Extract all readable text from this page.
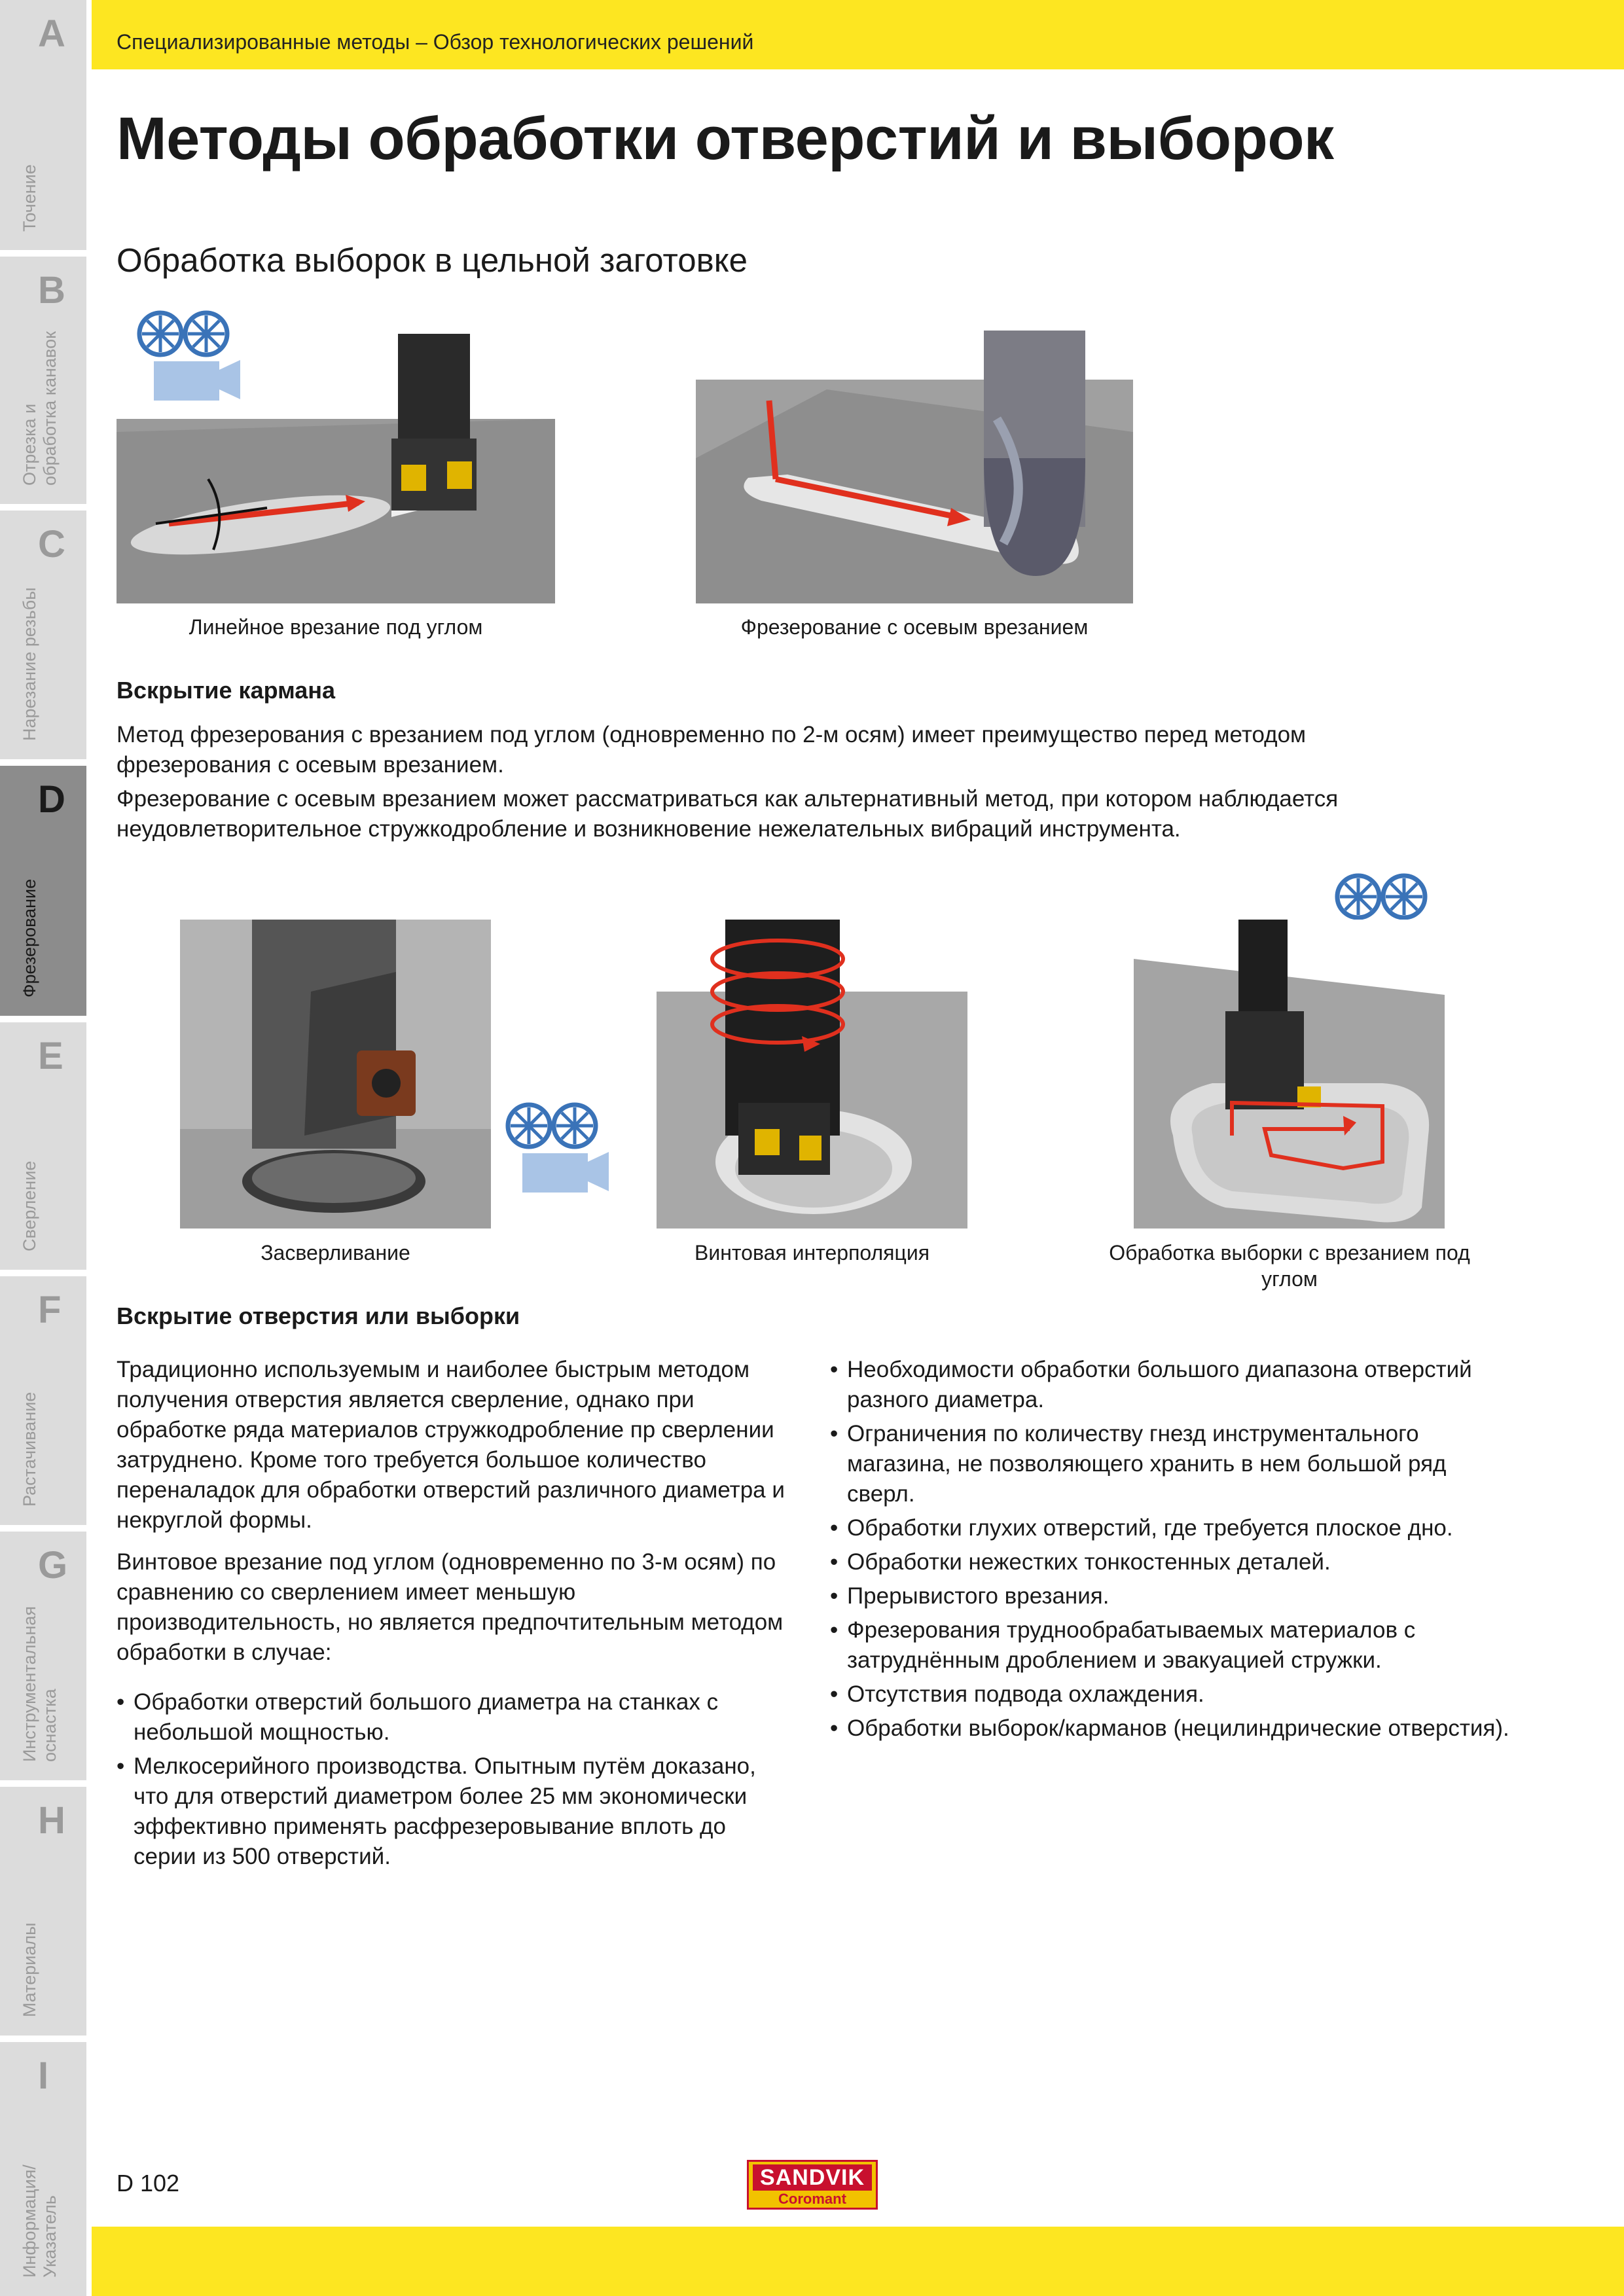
A
Точение
B
Отрезка и
обработка канавок
C
Нарезание резьбы
D
Фрезерование
E
Сверление
F
Растачивание
G
Инструментальная
оснастка
H
Материалы
I
Информация/
Указатель
Специализированные методы – Обзор технологических решений
Методы обработки отверстий и выборок
Обработка выборок в цельной заготовке
Линейное врезание под углом	Фрезерование с осевым врезанием
Вскрытие кармана

Метод фрезерования с врезанием под углом (одновременно по 2-м осям) имеет преимущество перед методом фрезерования с осевым врезанием.

Фрезерование с осевым врезанием может рассматриваться как альтернативный метод, при котором наблюдается неудовлетворительное стружкодробление и возникновение нежелательных вибраций инструмента.

Засверливание	Винтовая интерполяция	Обработка выборки с врезанием под углом
Вскрытие отверстия или выборки

Традиционно используемым и наиболее быстрым методом получения отверстия является сверление, однако при обработке ряда материалов стружкодробление пр сверлении затруднено. Кроме того требуется большое количество переналадок для обработки отверстий различного диаметра и некруглой формы.

Винтовое врезание под углом (одновременно по 3-м осям) по сравнению со сверлением имеет меньшую производительность, но является предпочтительным методом обработки в случае:

• Обработки отверстий большого диаметра на станках с небольшой мощностью.
• Мелкосерийного производства. Опытным путём доказано, что для отверстий диаметром более 25 мм экономически эффективно применять расфрезеровывание вплоть до серии из 500 отверстий.
• Необходимости обработки большого диапазона отверстий разного диаметра.
• Ограничения по количеству гнезд инструментального магазина, не позволяющего хранить в нем большой ряд сверл.
• Обработки глухих отверстий, где требуется плоское дно.
• Обработки нежестких тонкостенных деталей.
• Прерывистого врезания.
• Фрезерования труднообрабатываемых материалов с затруднённым дроблением и эвакуацией стружки.
• Отсутствия подвода охлаждения.
• Обработки выборок/карманов (нецилиндрические отверстия).
D 102	SANDVIK
Coromant
